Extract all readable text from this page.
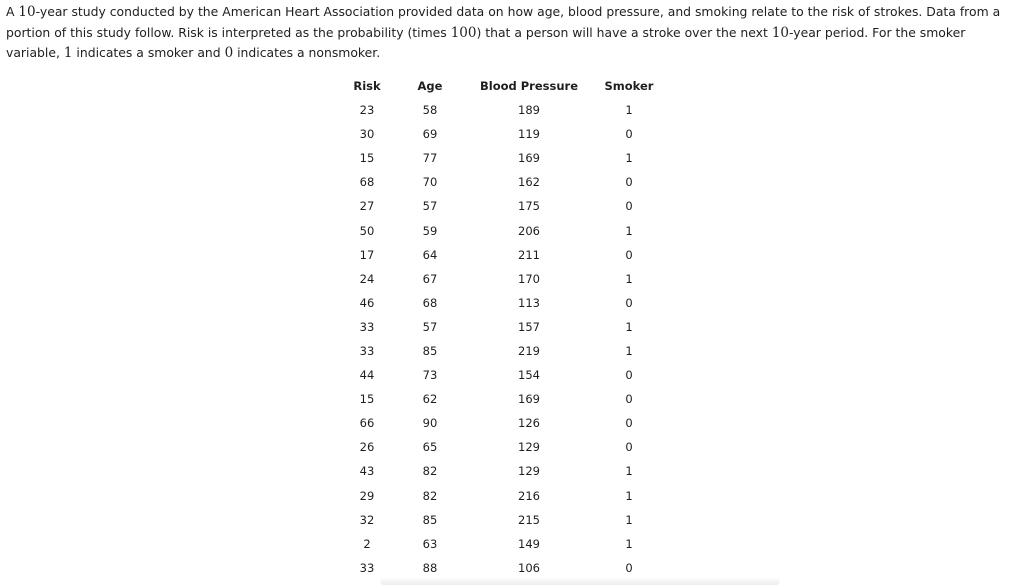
A 10-year study conducted by the American Heart Association provided data on how age, blood pressure, and smoking relate to the risk of strokes. Data from a portion of this study follow. Risk is interpreted as the probability (times 100) that a person will have a stroke over the next 10-year period. For the smoker variable, 1 indicates a smoker and 0 indicates a nonsmoker.

Risk	Age	Blood Pressure	Smoker
23	58	189	1
30	69	119	0
15	77	169	1
68	70	162	0
27	57	175	0
50	59	206	1
17	64	211	0
24	67	170	1
46	68	113	0
33	57	157	1
33	85	219	1
44	73	154	0
15	62	169	0
66	90	126	0
26	65	129	0
43	82	129	1
29	82	216	1
32	85	215	1
2	63	149	1
33	88	106	0
